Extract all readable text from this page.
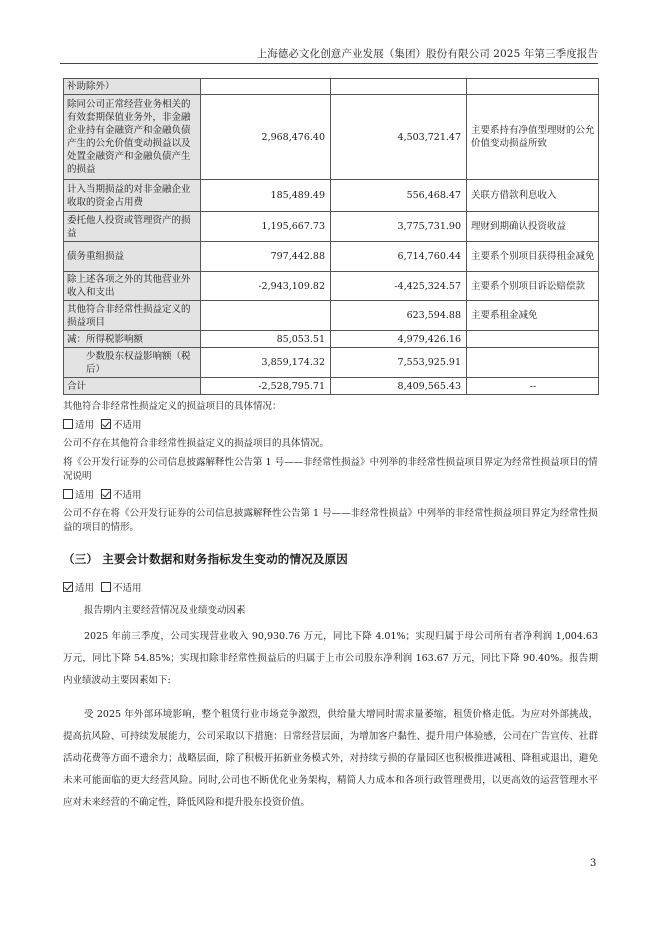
上海德必文化创意产业发展（集团）股份有限公司 2025 年第三季度报告
补助除外）			
除同公司正常经营业务相关的有效套期保值业务外，非金融企业持有金融资产和金融负债产生的公允价值变动损益以及处置金融资产和金融负债产生的损益	2,968,476.40	4,503,721.47	主要系持有净值型理财的公允价值变动损益所致
计入当期损益的对非金融企业收取的资金占用费	185,489.49	556,468.47	关联方借款利息收入
委托他人投资或管理资产的损益	1,195,667.73	3,775,731.90	理财到期确认投资收益
债务重组损益	797,442.88	6,714,760.44	主要系个别项目获得租金减免
除上述各项之外的其他营业外收入和支出	-2,943,109.82	-4,425,324.57	主要系个别项目诉讼赔偿款
其他符合非经常性损益定义的损益项目		623,594.88	主要系租金减免
减：所得税影响额	85,053.51	4,979,426.16	
少数股东权益影响额（税后）	3,859,174.32	7,553,925.91	
合计	-2,528,795.71	8,409,565.43	--
其他符合非经常性损益定义的损益项目的具体情况：
适用 不适用
公司不存在其他符合非经常性损益定义的损益项目的具体情况。
将《公开发行证券的公司信息披露解释性公告第 1 号——非经常性损益》中列举的非经常性损益项目界定为经常性损益项目的情况说明
适用 不适用
公司不存在将《公开发行证券的公司信息披露解释性公告第 1 号——非经常性损益》中列举的非经常性损益项目界定为经常性损益的项目的情形。
（三） 主要会计数据和财务指标发生变动的情况及原因
适用 不适用
报告期内主要经营情况及业绩变动因素
2025 年前三季度，公司实现营业收入 90,930.76 万元，同比下降 4.01%；实现归属于母公司所有者净利润 1,004.63 万元，同比下降 54.85%；实现扣除非经常性损益后的归属于上市公司股东净利润 163.67 万元，同比下降 90.40%。报告期内业绩波动主要因素如下:
受 2025 年外部环境影响，整个租赁行业市场竞争激烈，供给量大增同时需求量萎缩，租赁价格走低。为应对外部挑战，提高抗风险、可持续发展能力，公司采取以下措施：日常经营层面，为增加客户黏性、提升用户体验感，公司在广告宣传、社群活动花费等方面不遗余力；战略层面，除了积极开拓新业务模式外，对持续亏损的存量园区也积极推进减租、降租或退出，避免未来可能面临的更大经营风险。同时,公司也不断优化业务架构，精简人力成本和各项行政管理费用，以更高效的运营管理水平应对未来经营的不确定性，降低风险和提升股东投资价值。
3
